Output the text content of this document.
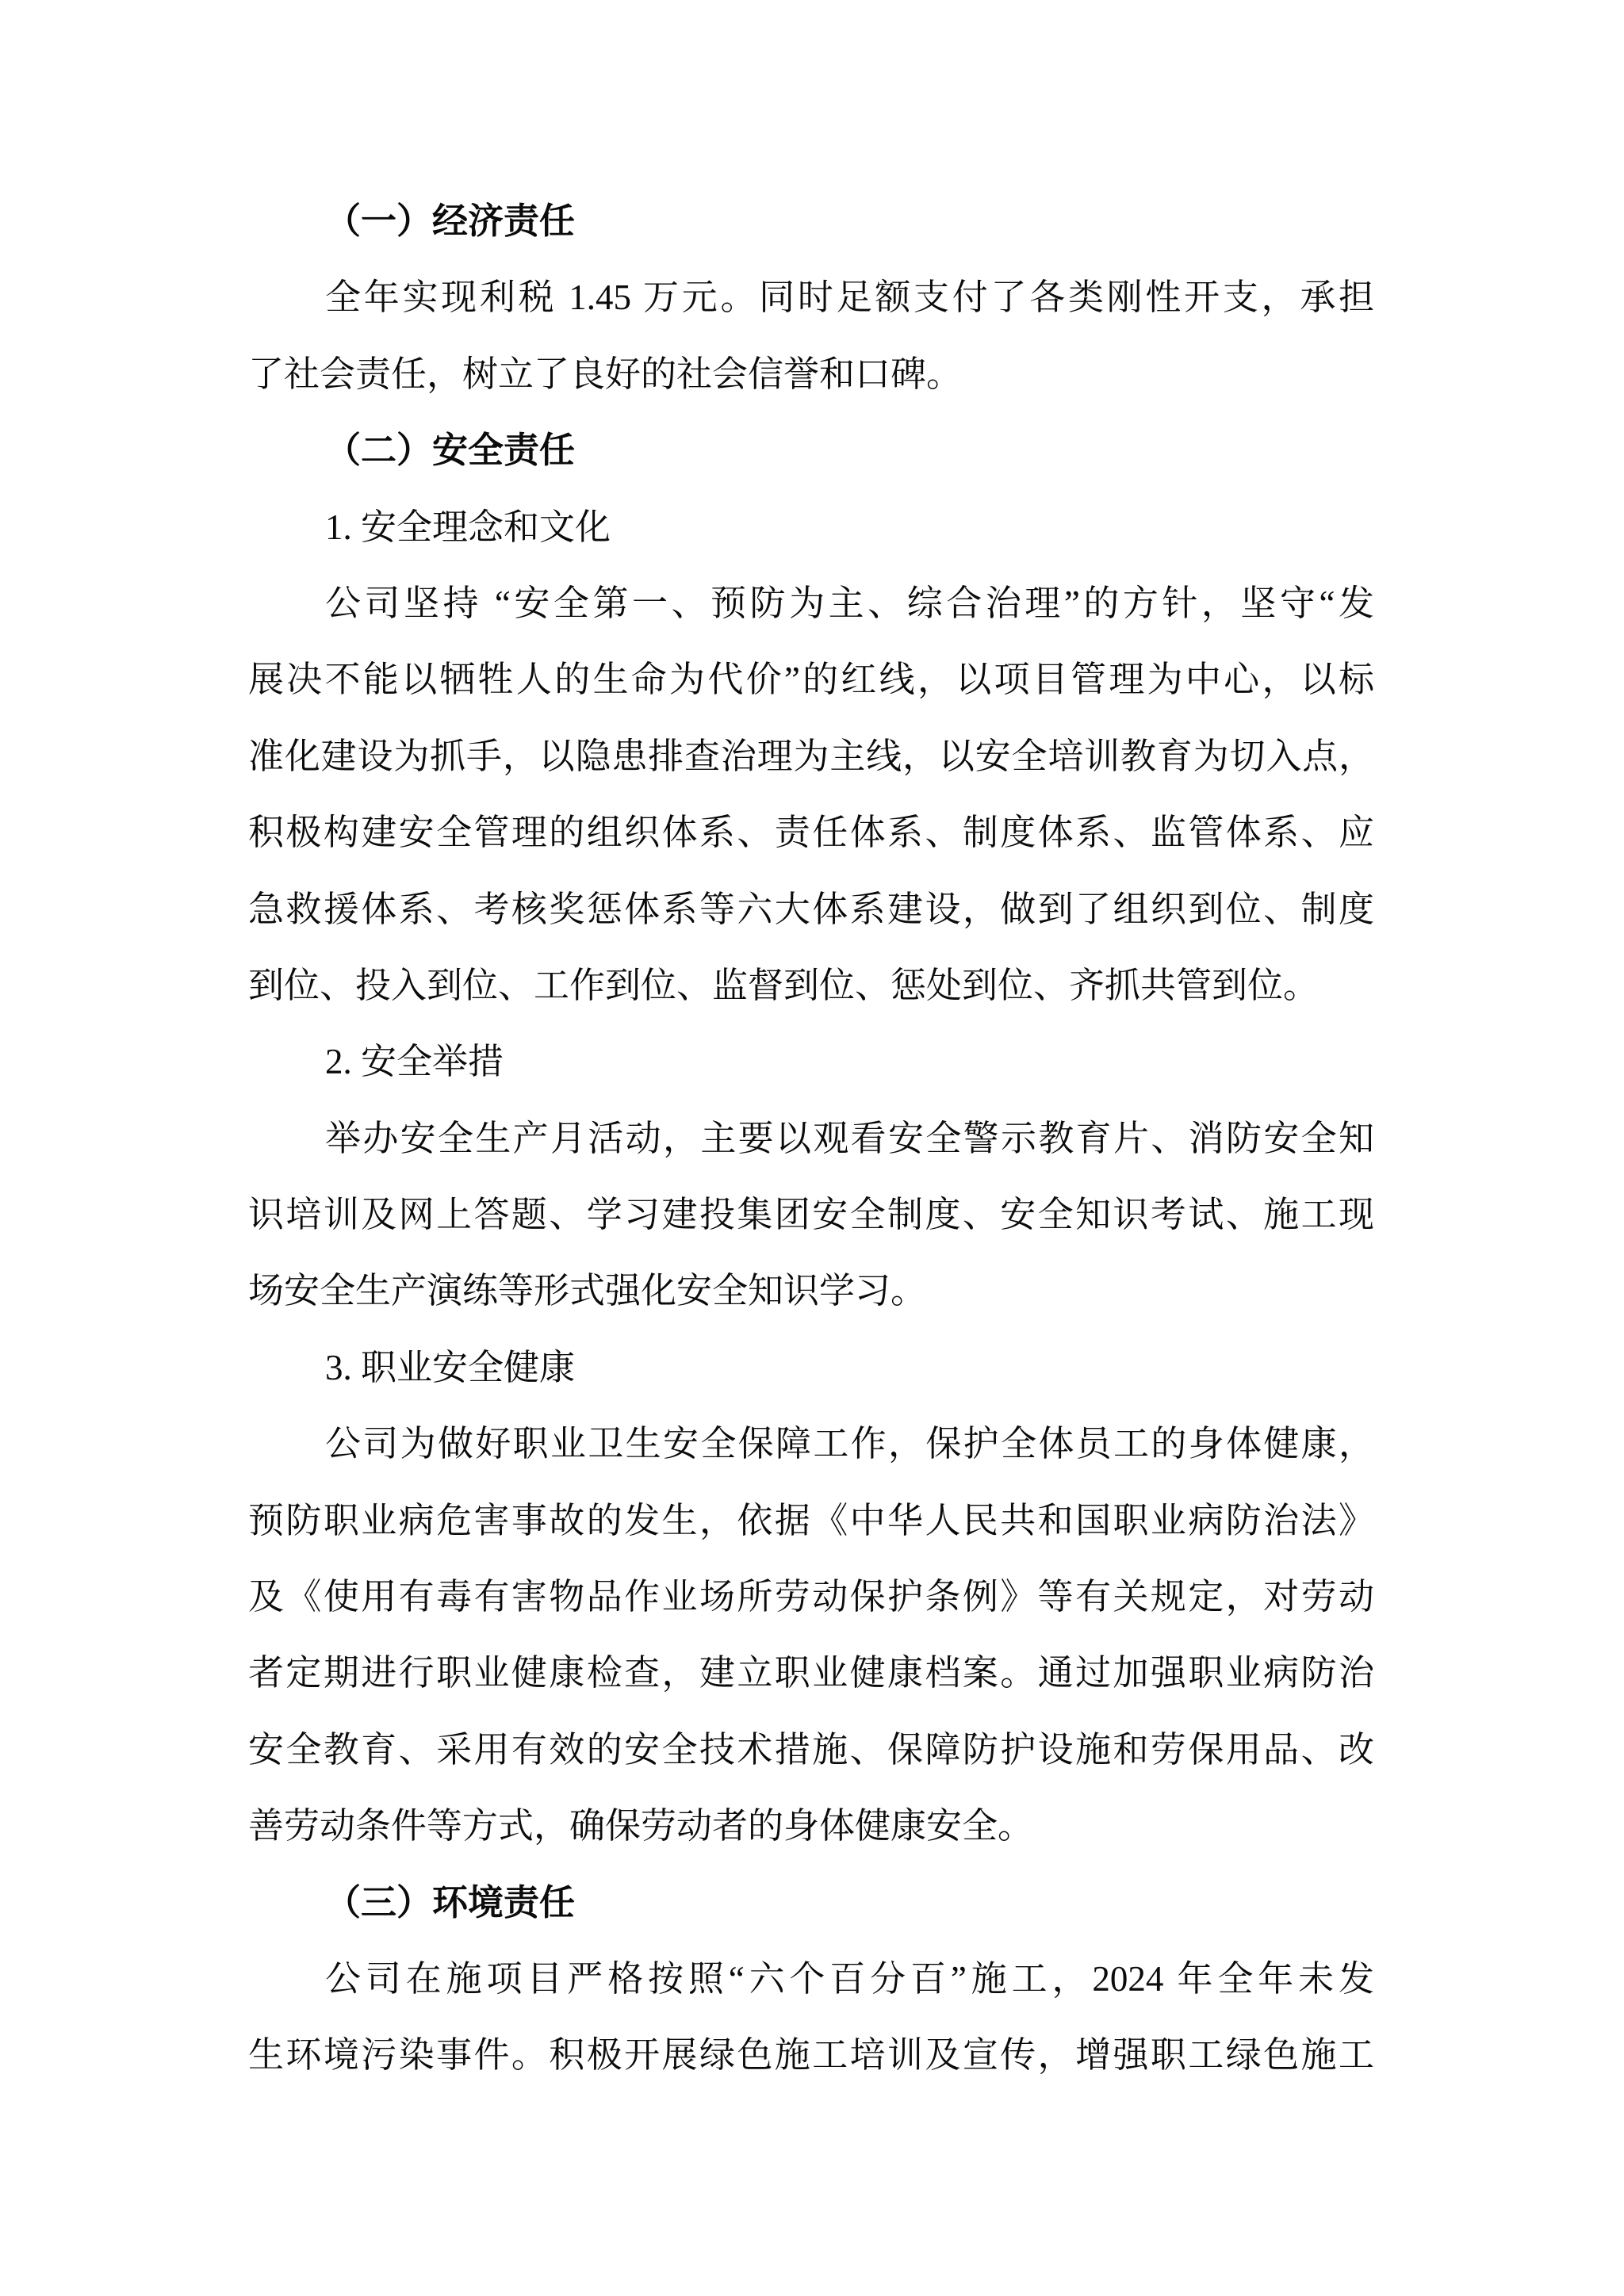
（一）经济责任
全年实现利税 1.45 万元。同时足额支付了各类刚性开支，承担
了社会责任，树立了良好的社会信誉和口碑。
（二）安全责任
1. 安全理念和文化
公司坚持 “安全第一、预防为主、综合治理”的方针，坚守“发
展决不能以牺牲人的生命为代价”的红线，以项目管理为中心，以标
准化建设为抓手，以隐患排查治理为主线，以安全培训教育为切入点，
积极构建安全管理的组织体系、责任体系、制度体系、监管体系、应
急救援体系、考核奖惩体系等六大体系建设，做到了组织到位、制度
到位、投入到位、工作到位、监督到位、惩处到位、齐抓共管到位。
2. 安全举措
举办安全生产月活动，主要以观看安全警示教育片、消防安全知
识培训及网上答题、学习建投集团安全制度、安全知识考试、施工现
场安全生产演练等形式强化安全知识学习。
3. 职业安全健康
公司为做好职业卫生安全保障工作，保护全体员工的身体健康，
预防职业病危害事故的发生，依据《中华人民共和国职业病防治法》
及《使用有毒有害物品作业场所劳动保护条例》等有关规定，对劳动
者定期进行职业健康检查，建立职业健康档案。通过加强职业病防治
安全教育、采用有效的安全技术措施、保障防护设施和劳保用品、改
善劳动条件等方式，确保劳动者的身体健康安全。
（三）环境责任
公司在施项目严格按照“六个百分百”施工，2024 年全年未发
生环境污染事件。积极开展绿色施工培训及宣传，增强职工绿色施工
